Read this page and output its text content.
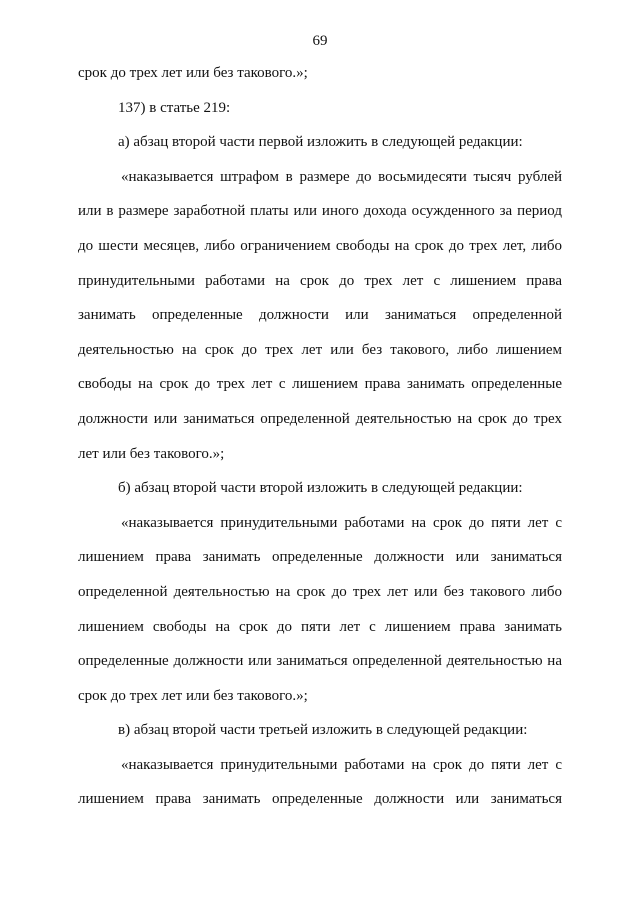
69
срок до трех лет или без такового.»;
137) в статье 219:
а) абзац второй части первой изложить в следующей редакции:
«наказывается штрафом в размере до восьмидесяти тысяч рублей
или в размере заработной платы или иного дохода осужденного за период
до шести месяцев, либо ограничением свободы на срок до трех лет, либо
принудительными работами на срок до трех лет с лишением права
занимать определенные должности или заниматься определенной
деятельностью на срок до трех лет или без такового, либо лишением
свободы на срок до трех лет с лишением права занимать определенные
должности или заниматься определенной деятельностью на срок до трех
лет или без такового.»;
б) абзац второй части второй изложить в следующей редакции:
«наказывается принудительными работами на срок до пяти лет с
лишением права занимать определенные должности или заниматься
определенной деятельностью на срок до трех лет или без такового либо
лишением свободы на срок до пяти лет с лишением права занимать
определенные должности или заниматься определенной деятельностью на
срок до трех лет или без такового.»;
в) абзац второй части третьей изложить в следующей редакции:
«наказывается принудительными работами на срок до пяти лет с
лишением права занимать определенные должности или заниматься
